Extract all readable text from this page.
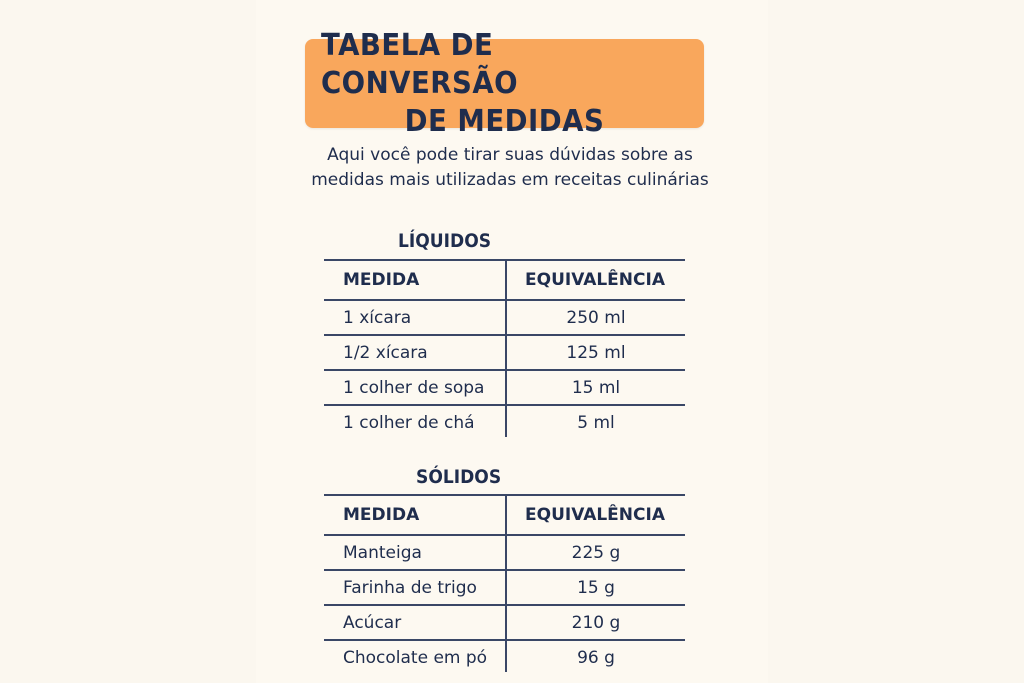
TABELA DE CONVERSÃO
DE MEDIDAS
Aqui você pode tirar suas dúvidas sobre as
medidas mais utilizadas em receitas culinárias
LÍQUIDOS
MEDIDA	EQUIVALÊNCIA
1 xícara	250 ml
1/2 xícara	125 ml
1 colher de sopa	15 ml
1 colher de chá	5 ml
SÓLIDOS
MEDIDA	EQUIVALÊNCIA
Manteiga	225 g
Farinha de trigo	15 g
Acúcar	210 g
Chocolate em pó	96 g
